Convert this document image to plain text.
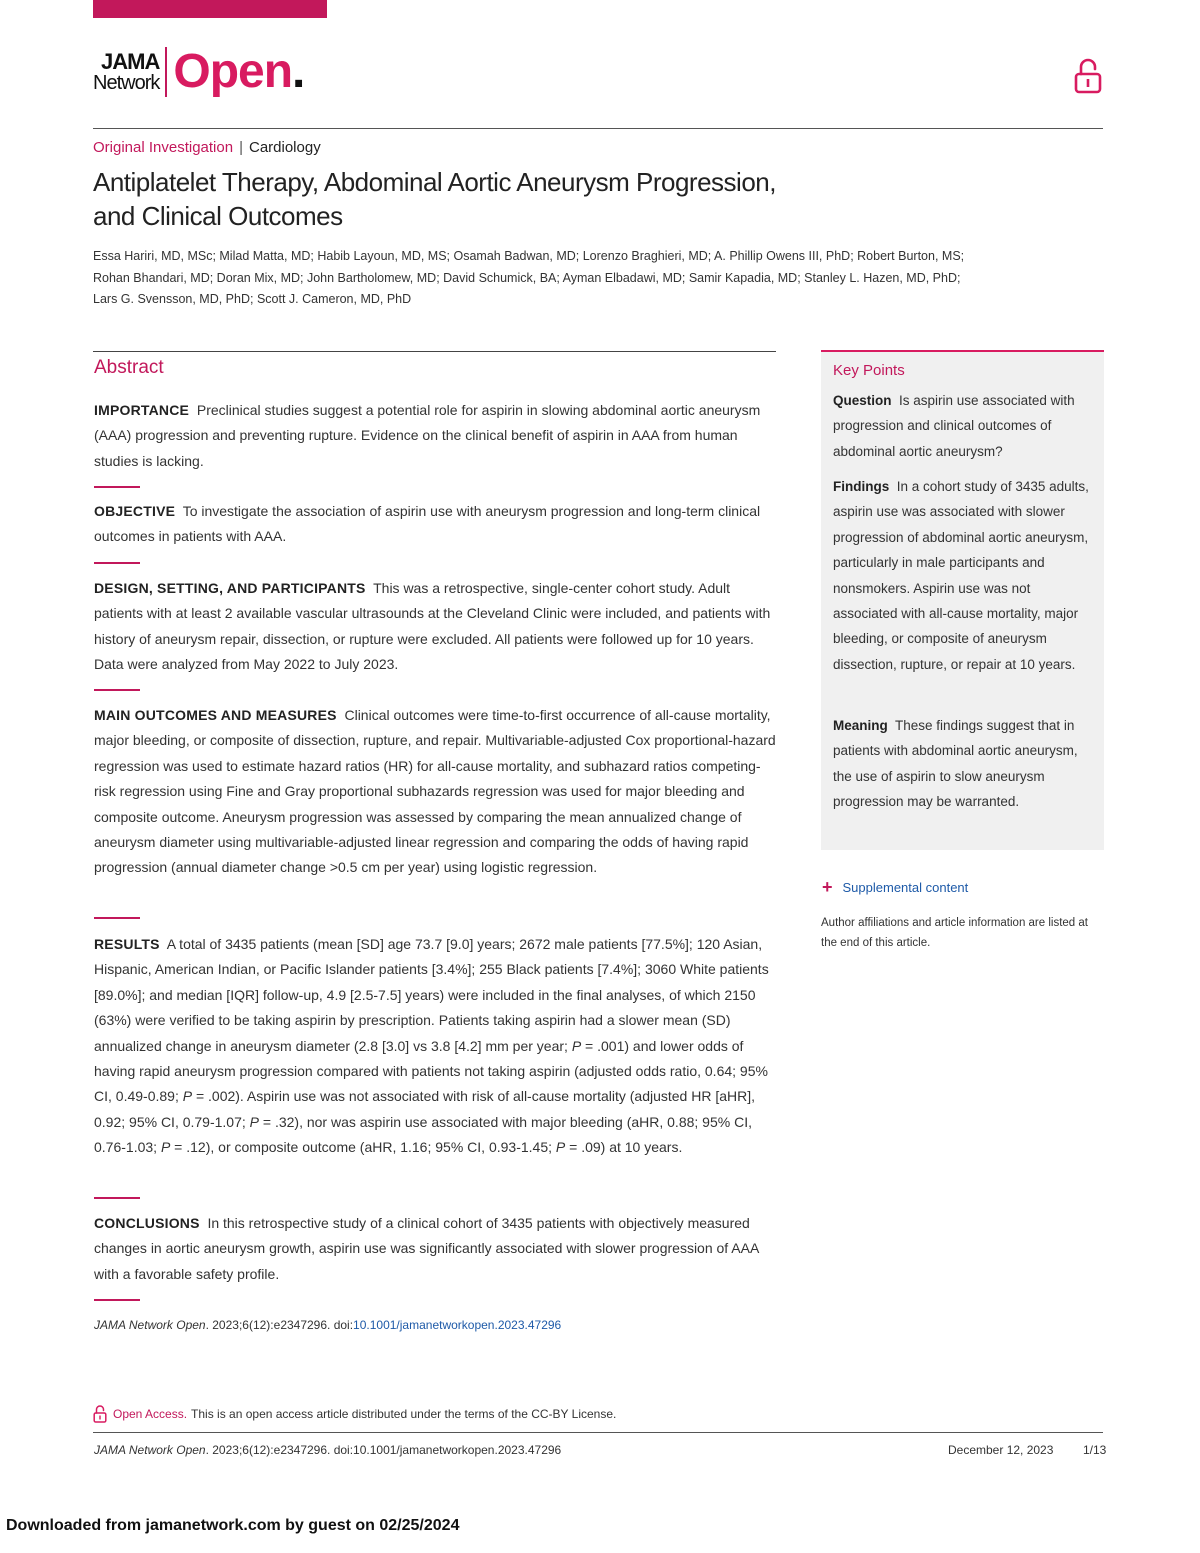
JAMA
Network Open .
Original Investigation | Cardiology
Antiplatelet Therapy, Abdominal Aortic Aneurysm Progression,
and Clinical Outcomes
Essa Hariri, MD, MSc; Milad Matta, MD; Habib Layoun, MD, MS; Osamah Badwan, MD; Lorenzo Braghieri, MD; A. Phillip Owens III, PhD; Robert Burton, MS;
Rohan Bhandari, MD; Doran Mix, MD; John Bartholomew, MD; David Schumick, BA; Ayman Elbadawi, MD; Samir Kapadia, MD; Stanley L. Hazen, MD, PhD;
Lars G. Svensson, MD, PhD; Scott J. Cameron, MD, PhD
Abstract
IMPORTANCE Preclinical studies suggest a potential role for aspirin in slowing abdominal aortic aneurysm (AAA) progression and preventing rupture. Evidence on the clinical benefit of aspirin in AAA from human studies is lacking.
OBJECTIVE To investigate the association of aspirin use with aneurysm progression and long-term clinical outcomes in patients with AAA.
DESIGN, SETTING, AND PARTICIPANTS This was a retrospective, single-center cohort study. Adult patients with at least 2 available vascular ultrasounds at the Cleveland Clinic were included, and patients with history of aneurysm repair, dissection, or rupture were excluded. All patients were followed up for 10 years. Data were analyzed from May 2022 to July 2023.
MAIN OUTCOMES AND MEASURES Clinical outcomes were time-to-first occurrence of all-cause mortality, major bleeding, or composite of dissection, rupture, and repair. Multivariable-adjusted Cox proportional-hazard regression was used to estimate hazard ratios (HR) for all-cause mortality, and subhazard ratios competing-risk regression using Fine and Gray proportional subhazards regression was used for major bleeding and composite outcome. Aneurysm progression was assessed by comparing the mean annualized change of aneurysm diameter using multivariable-adjusted linear regression and comparing the odds of having rapid progression (annual diameter change >0.5 cm per year) using logistic regression.
RESULTS A total of 3435 patients (mean [SD] age 73.7 [9.0] years; 2672 male patients [77.5%]; 120 Asian, Hispanic, American Indian, or Pacific Islander patients [3.4%]; 255 Black patients [7.4%]; 3060 White patients [89.0%]; and median [IQR] follow-up, 4.9 [2.5-7.5] years) were included in the final analyses, of which 2150 (63%) were verified to be taking aspirin by prescription. Patients taking aspirin had a slower mean (SD) annualized change in aneurysm diameter (2.8 [3.0] vs 3.8 [4.2] mm per year; P = .001) and lower odds of having rapid aneurysm progression compared with patients not taking aspirin (adjusted odds ratio, 0.64; 95% CI, 0.49-0.89; P = .002). Aspirin use was not associated with risk of all-cause mortality (adjusted HR [aHR], 0.92; 95% CI, 0.79-1.07; P = .32), nor was aspirin use associated with major bleeding (aHR, 0.88; 95% CI, 0.76-1.03; P = .12), or composite outcome (aHR, 1.16; 95% CI, 0.93-1.45; P = .09) at 10 years.
CONCLUSIONS In this retrospective study of a clinical cohort of 3435 patients with objectively measured changes in aortic aneurysm growth, aspirin use was significantly associated with slower progression of AAA with a favorable safety profile.
JAMA Network Open. 2023;6(12):e2347296. doi:10.1001/jamanetworkopen.2023.47296
Key Points
Question Is aspirin use associated with progression and clinical outcomes of abdominal aortic aneurysm?
Findings In a cohort study of 3435 adults, aspirin use was associated with slower progression of abdominal aortic aneurysm, particularly in male participants and nonsmokers. Aspirin use was not associated with all-cause mortality, major bleeding, or composite of aneurysm dissection, rupture, or repair at 10 years.
Meaning These findings suggest that in patients with abdominal aortic aneurysm, the use of aspirin to slow aneurysm progression may be warranted.
+ Supplemental content
Author affiliations and article information are listed at the end of this article.
Open Access. This is an open access article distributed under the terms of the CC-BY License.
JAMA Network Open. 2023;6(12):e2347296. doi:10.1001/jamanetworkopen.2023.47296	December 12, 2023 1/13
Downloaded from jamanetwork.com by guest on 02/25/2024
